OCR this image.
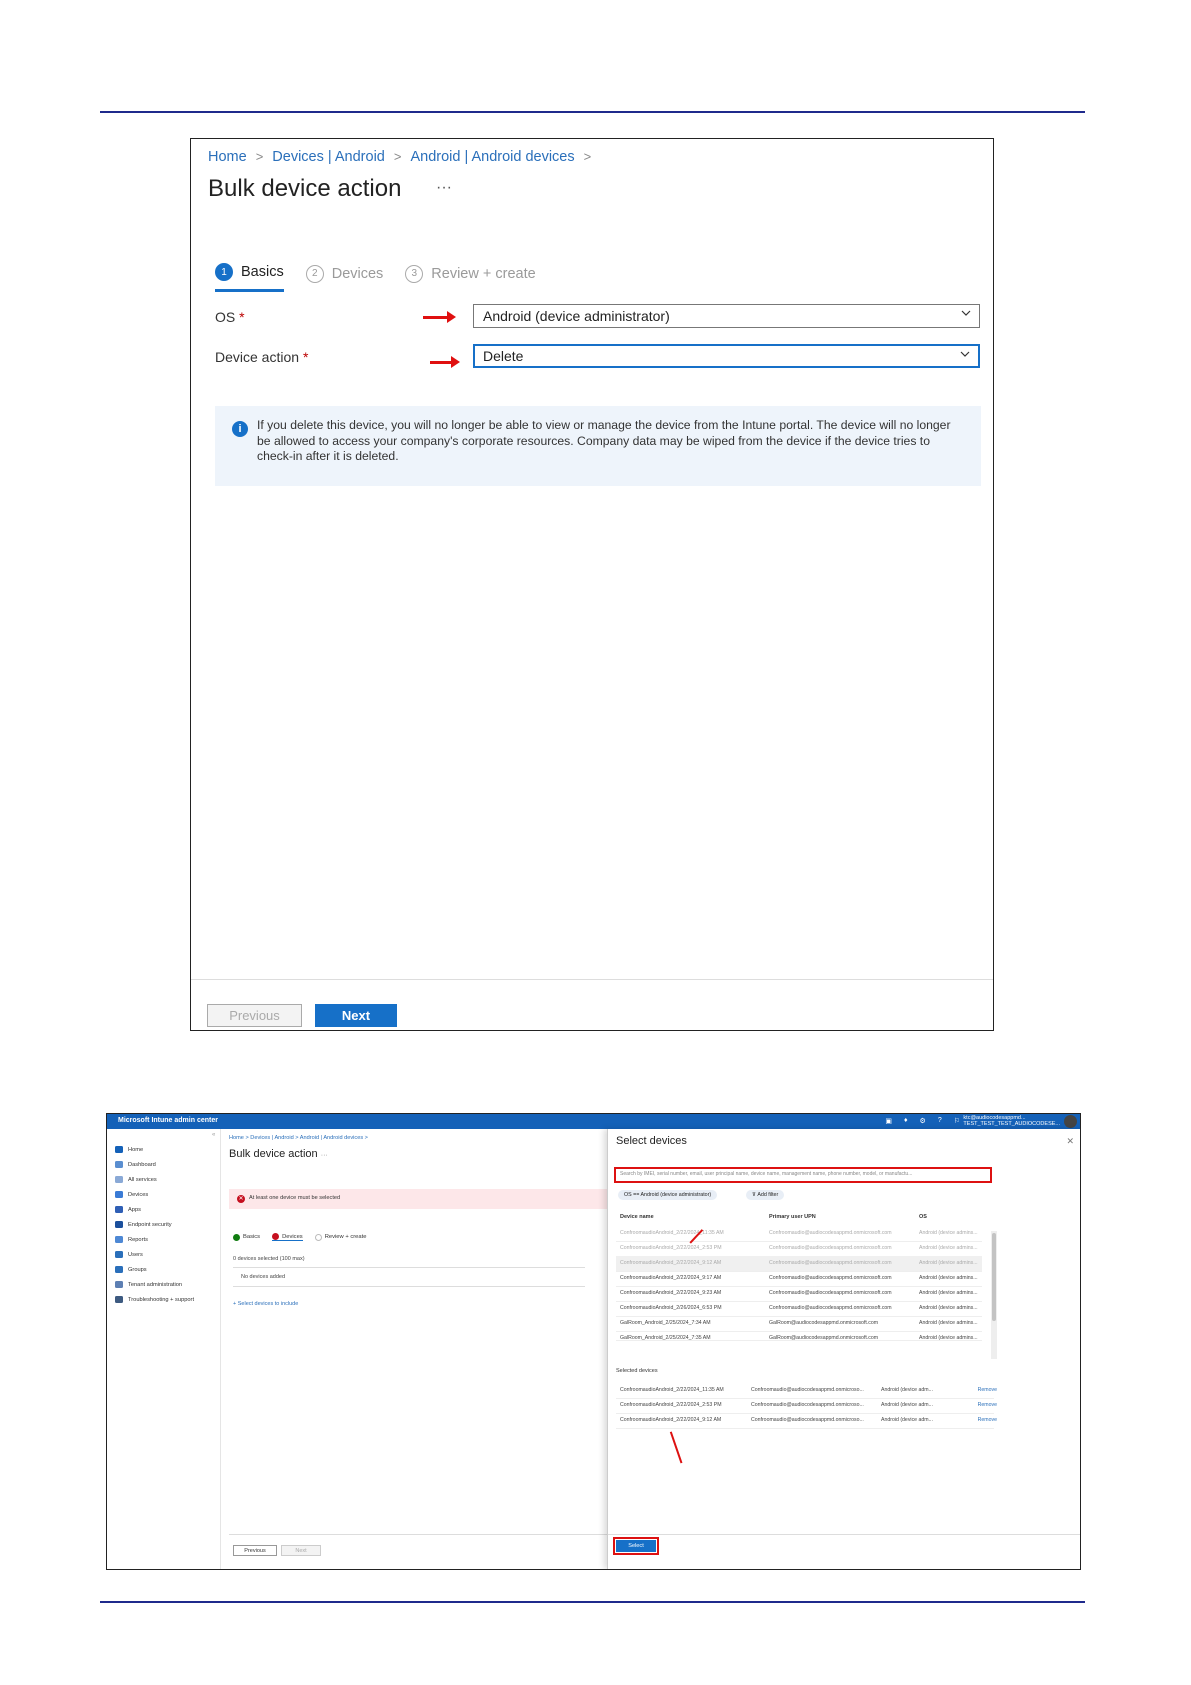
Home > Devices | Android > Android | Android devices >
Bulk device action ···
1 Basics	2 Devices	3 Review + create
OS *	Android (device administrator)
Device action *	Delete
i	If you delete this device, you will no longer be able to view or manage the device from the Intune portal. The device will no longer be allowed to access your company's corporate resources. Company data may be wiped from the device if the device tries to check-in after it is deleted.
Previous	Next
Microsoft Intune admin center	▣ ♦ ⚙ ? ⚐ ktc@audiocodesappmd...
TEST_TEST_TEST_AUDIOCODESE...
«
Home
Dashboard
All services
Devices
Apps
Endpoint security
Reports
Users
Groups
Tenant administration
Troubleshooting + support
Home > Devices | Android > Android | Android devices >
Bulk device action ···
✕ At least one device must be selected
Basics	Devices	Review + create
0 devices selected (100 max)
No devices added
+ Select devices to include
Previous	Next
Select devices	✕
Search by IMEI, serial number, email, user principal name, device name, management name, phone number, model, or manufactu...
OS == Android (device administrator)	⊽ Add filter
Device name	Primary user UPN	OS
ConfroomaudioAndroid_2/22/2024_11:35 AM	Confroomaudio@audiocodesappmd.onmicrosoft.com	Android (device admins...
ConfroomaudioAndroid_2/22/2024_2:53 PM	Confroomaudio@audiocodesappmd.onmicrosoft.com	Android (device admins...
ConfroomaudioAndroid_2/22/2024_9:12 AM	Confroomaudio@audiocodesappmd.onmicrosoft.com	Android (device admins...
ConfroomaudioAndroid_2/22/2024_9:17 AM	Confroomaudio@audiocodesappmd.onmicrosoft.com	Android (device admins...
ConfroomaudioAndroid_2/22/2024_9:23 AM	Confroomaudio@audiocodesappmd.onmicrosoft.com	Android (device admins...
ConfroomaudioAndroid_2/26/2024_6:53 PM	Confroomaudio@audiocodesappmd.onmicrosoft.com	Android (device admins...
GalRoom_Android_2/25/2024_7:34 AM	GalRoom@audiocodesappmd.onmicrosoft.com	Android (device admins...
GalRoom_Android_2/25/2024_7:35 AM	GalRoom@audiocodesappmd.onmicrosoft.com	Android (device admins...
Selected devices
ConfroomaudioAndroid_2/22/2024_11:35 AM	Confroomaudio@audiocodesappmd.onmicroso...	Android (device adm...	Remove
ConfroomaudioAndroid_2/22/2024_2:53 PM	Confroomaudio@audiocodesappmd.onmicroso...	Android (device adm...	Remove
ConfroomaudioAndroid_2/22/2024_9:12 AM	Confroomaudio@audiocodesappmd.onmicroso...	Android (device adm...	Remove
Select
